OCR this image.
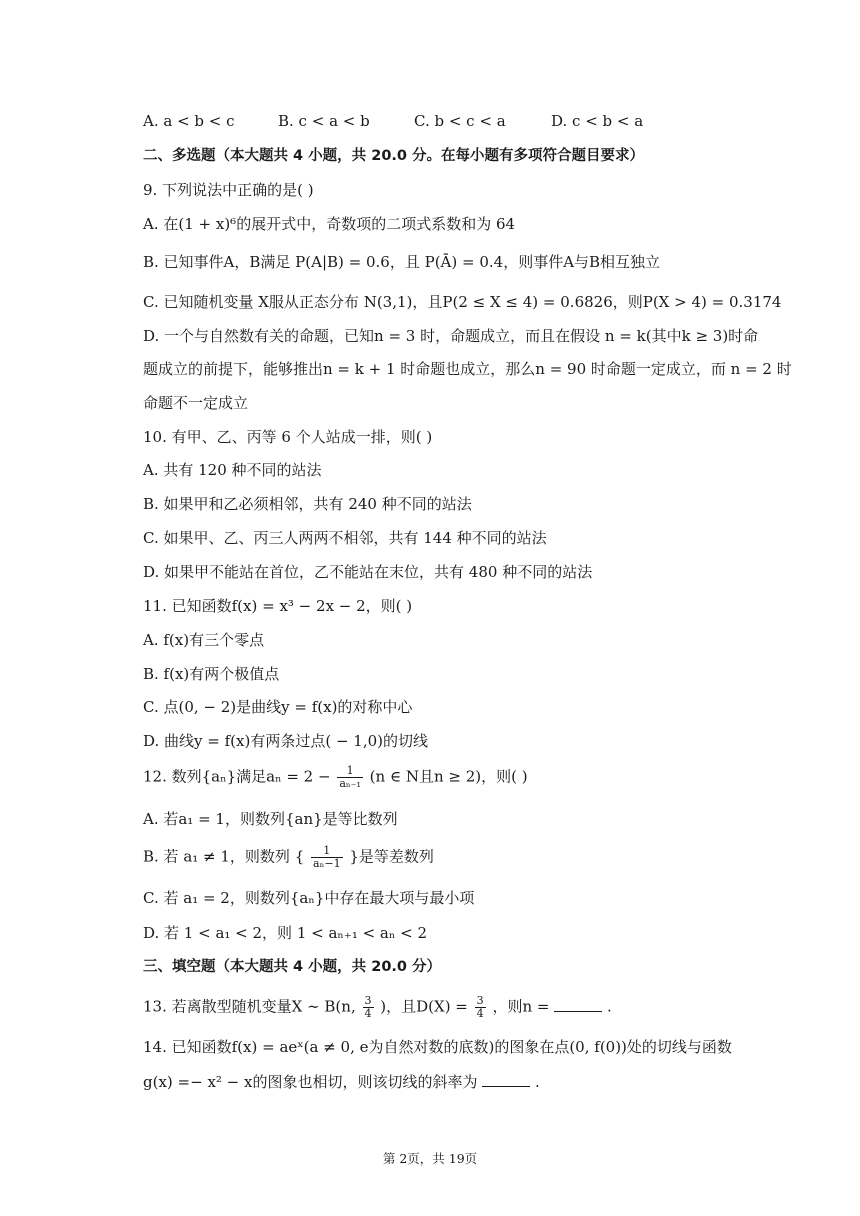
A. a < b < c	B. c < a < b	C. b < c < a	D. c < b < a
二、多选题（本大题共 4 小题，共 20.0 分。在每小题有多项符合题目要求）
9. 下列说法中正确的是( )
A. 在(1 + x)⁶的展开式中，奇数项的二项式系数和为 64
B. 已知事件A，B满足 P(A|B) = 0.6，且 P(Ā) = 0.4，则事件A与B相互独立
C. 已知随机变量 X服从正态分布 N(3,1)，且P(2 ≤ X ≤ 4) = 0.6826，则P(X > 4) = 0.3174
D. 一个与自然数有关的命题，已知n = 3 时，命题成立，而且在假设 n = k(其中k ≥ 3)时命
题成立的前提下，能够推出n = k + 1 时命题也成立，那么n = 90 时命题一定成立，而 n = 2 时
命题不一定成立
10. 有甲、乙、丙等 6 个人站成一排，则( )
A. 共有 120 种不同的站法
B. 如果甲和乙必须相邻，共有 240 种不同的站法
C. 如果甲、乙、丙三人两两不相邻，共有 144 种不同的站法
D. 如果甲不能站在首位，乙不能站在末位，共有 480 种不同的站法
11. 已知函数f(x) = x³ − 2x − 2，则( )
A. f(x)有三个零点
B. f(x)有两个极值点
C. 点(0, − 2)是曲线y = f(x)的对称中心
D. 曲线y = f(x)有两条过点( − 1,0)的切线
12. 数列{aₙ}满足$a_n = 2 - \frac{1}{\text{aₙ₋₁}} (n$ ∈ N且n ≥ 2)，则( )
A. 若a₁ = 1，则数列{an}是等比数列
B. 若 a₁ ≠ 1，则数列 { $\frac{1}{\text{aₙ−1}}$ }是等差数列
C. 若 a₁ = 2，则数列{aₙ}中存在最大项与最小项
D. 若 1 < a₁ < 2，则 1 < aₙ₊₁ < aₙ < 2
三、填空题（本大题共 4 小题，共 20.0 分）
13. 若离散型随机变量X ∼ B(n, $\frac{3}{4}$ )，且$D(X) = \frac{3}{4}$ ，则n =	.
14. 已知函数f(x) = aeˣ(a ≠ 0, e为自然对数的底数)的图象在点(0, f(0))处的切线与函数
g(x) =− x² − x的图象也相切，则该切线的斜率为	.
第 2页，共 19页
